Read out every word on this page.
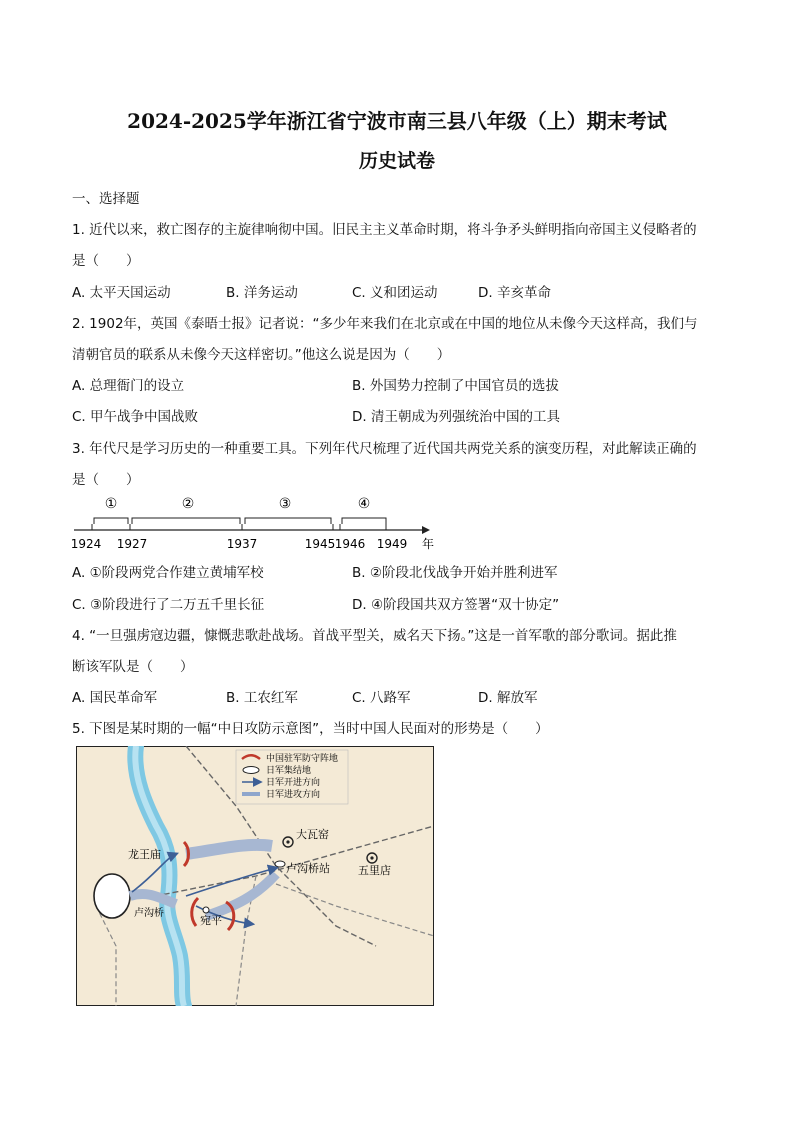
2024-2025学年浙江省宁波市南三县八年级（上）期末考试
历史试卷
一、选择题
1. 近代以来，救亡图存的主旋律响彻中国。旧民主主义革命时期，将斗争矛头鲜明指向帝国主义侵略者的
是（　　）
A. 太平天国运动	B. 洋务运动	C. 义和团运动	D. 辛亥革命
2. 1902年，英国《泰晤士报》记者说：“多少年来我们在北京或在中国的地位从未像今天这样高，我们与
清朝官员的联系从未像今天这样密切。”他这么说是因为（　　）
A. 总理衙门的设立	B. 外国势力控制了中国官员的选拔
C. 甲午战争中国战败	D. 清王朝成为列强统治中国的工具
3. 年代尺是学习历史的一种重要工具。下列年代尺梳理了近代国共两党关系的演变历程，对此解读正确的
是（　　）
①	②	③	④
1924 1927	1937	1945 1946 1949 年
A. ①阶段两党合作建立黄埔军校	B. ②阶段北伐战争开始并胜利进军
C. ③阶段进行了二万五千里长征	D. ④阶段国共双方签署“双十协定”
4. “一旦强虏寇边疆，慷慨悲歌赴战场。首战平型关，威名天下扬。”这是一首军歌的部分歌词。据此推
断该军队是（　　）
A. 国民革命军	B. 工农红军	C. 八路军	D. 解放军
5. 下图是某时期的一幅“中日攻防示意图”，当时中国人民面对的形势是（　　）
大瓦窑
卢沟桥站	五里店
龙王庙
卢沟桥
宛平
中国驻军防守阵地
日军集结地
日军开进方向
日军进攻方向
